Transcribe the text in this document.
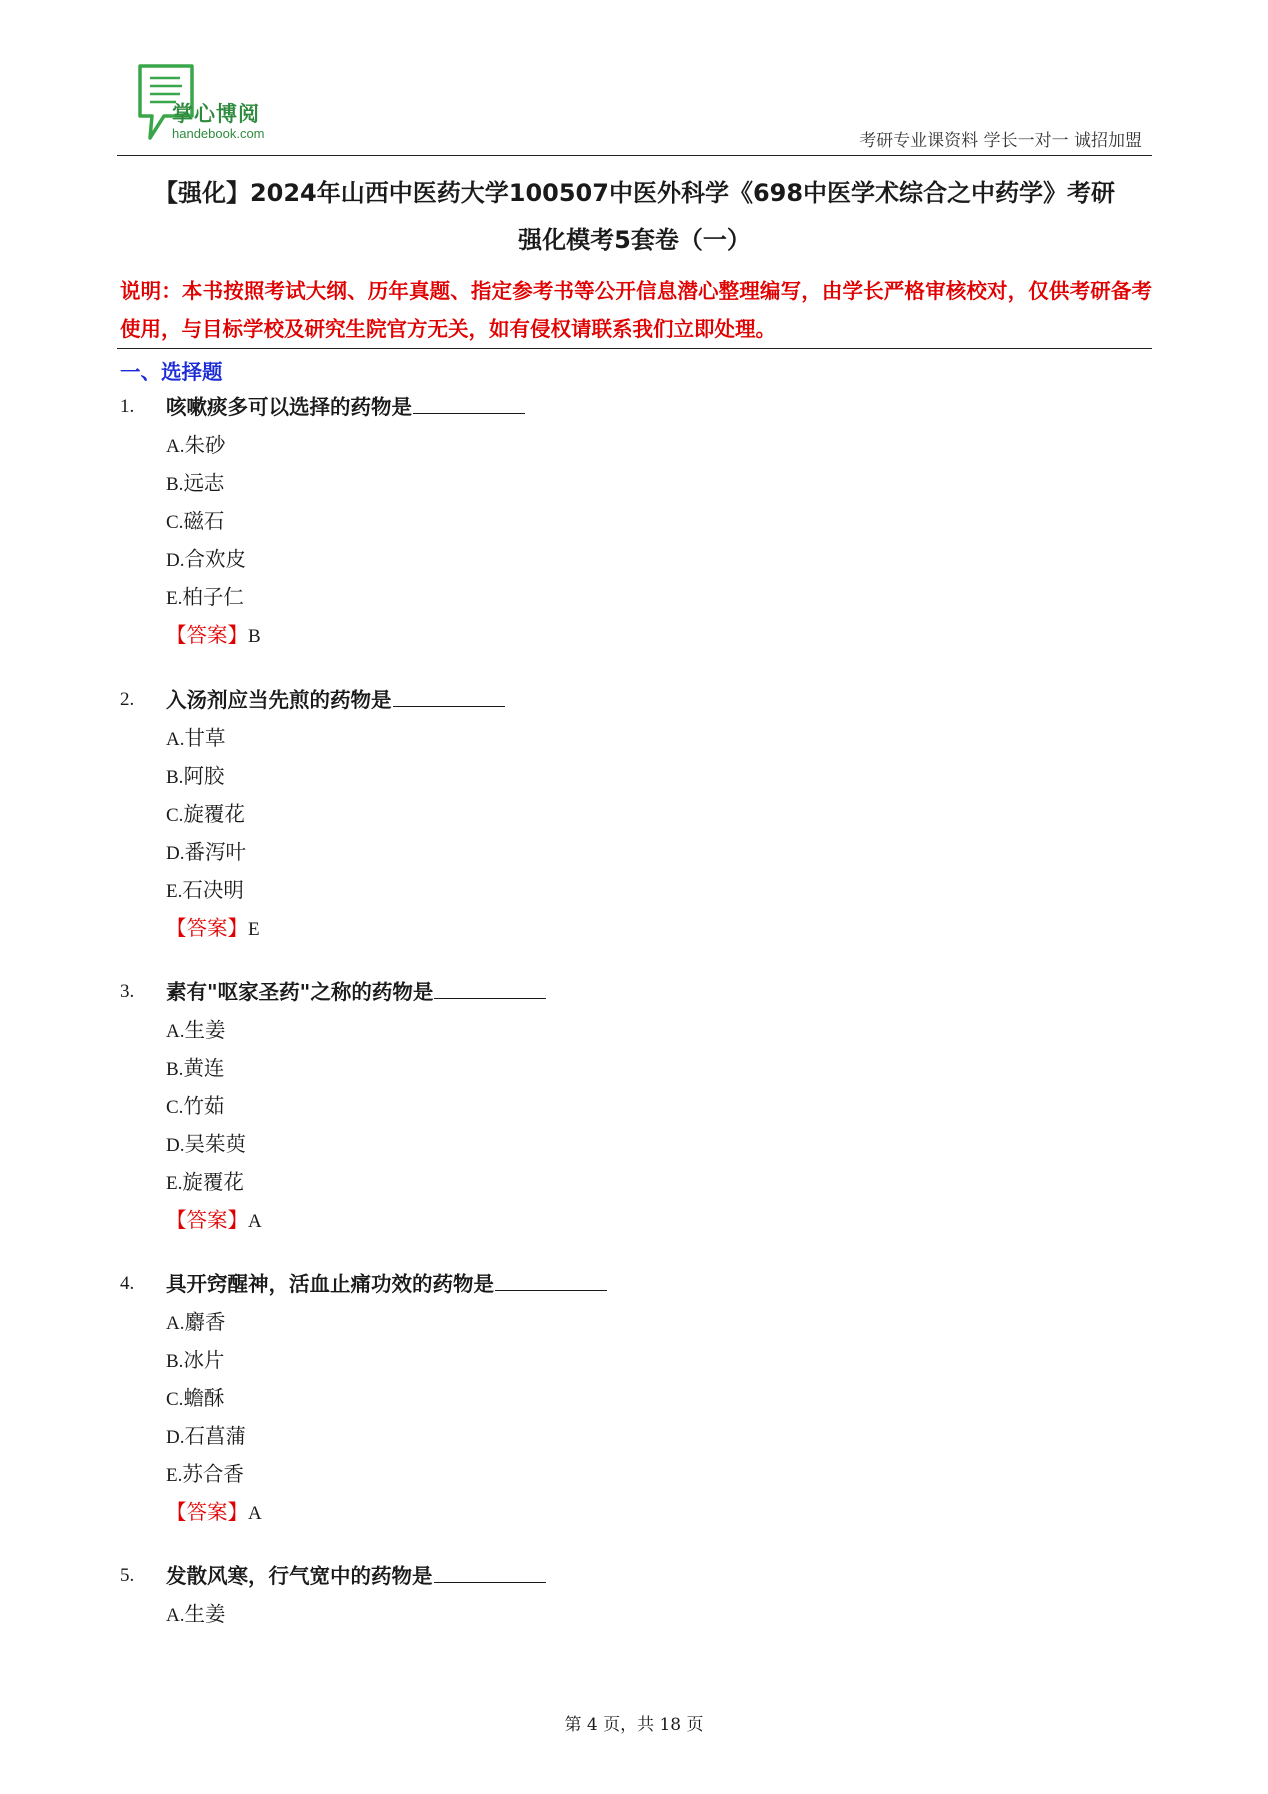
掌心博阅
handebook.com	考研专业课资料 学长一对一 诚招加盟
【强化】2024年山西中医药大学100507中医外科学《698中医学术综合之中药学》考研
强化模考5套卷（一）
说明：本书按照考试大纲、历年真题、指定参考书等公开信息潜心整理编写，由学长严格审核校对，仅供考研备考使用，与目标学校及研究生院官方无关，如有侵权请联系我们立即处理。
一、选择题
1. 咳嗽痰多可以选择的药物是
A.朱砂
B.远志
C.磁石
D.合欢皮
E.柏子仁
【答案】B
2. 入汤剂应当先煎的药物是
A.甘草
B.阿胶
C.旋覆花
D.番泻叶
E.石决明
【答案】E
3. 素有"呕家圣药"之称的药物是
A.生姜
B.黄连
C.竹茹
D.吴茱萸
E.旋覆花
【答案】A
4. 具开窍醒神，活血止痛功效的药物是
A.麝香
B.冰片
C.蟾酥
D.石菖蒲
E.苏合香
【答案】A
5. 发散风寒，行气宽中的药物是
A.生姜
第 4 页，共 18 页
